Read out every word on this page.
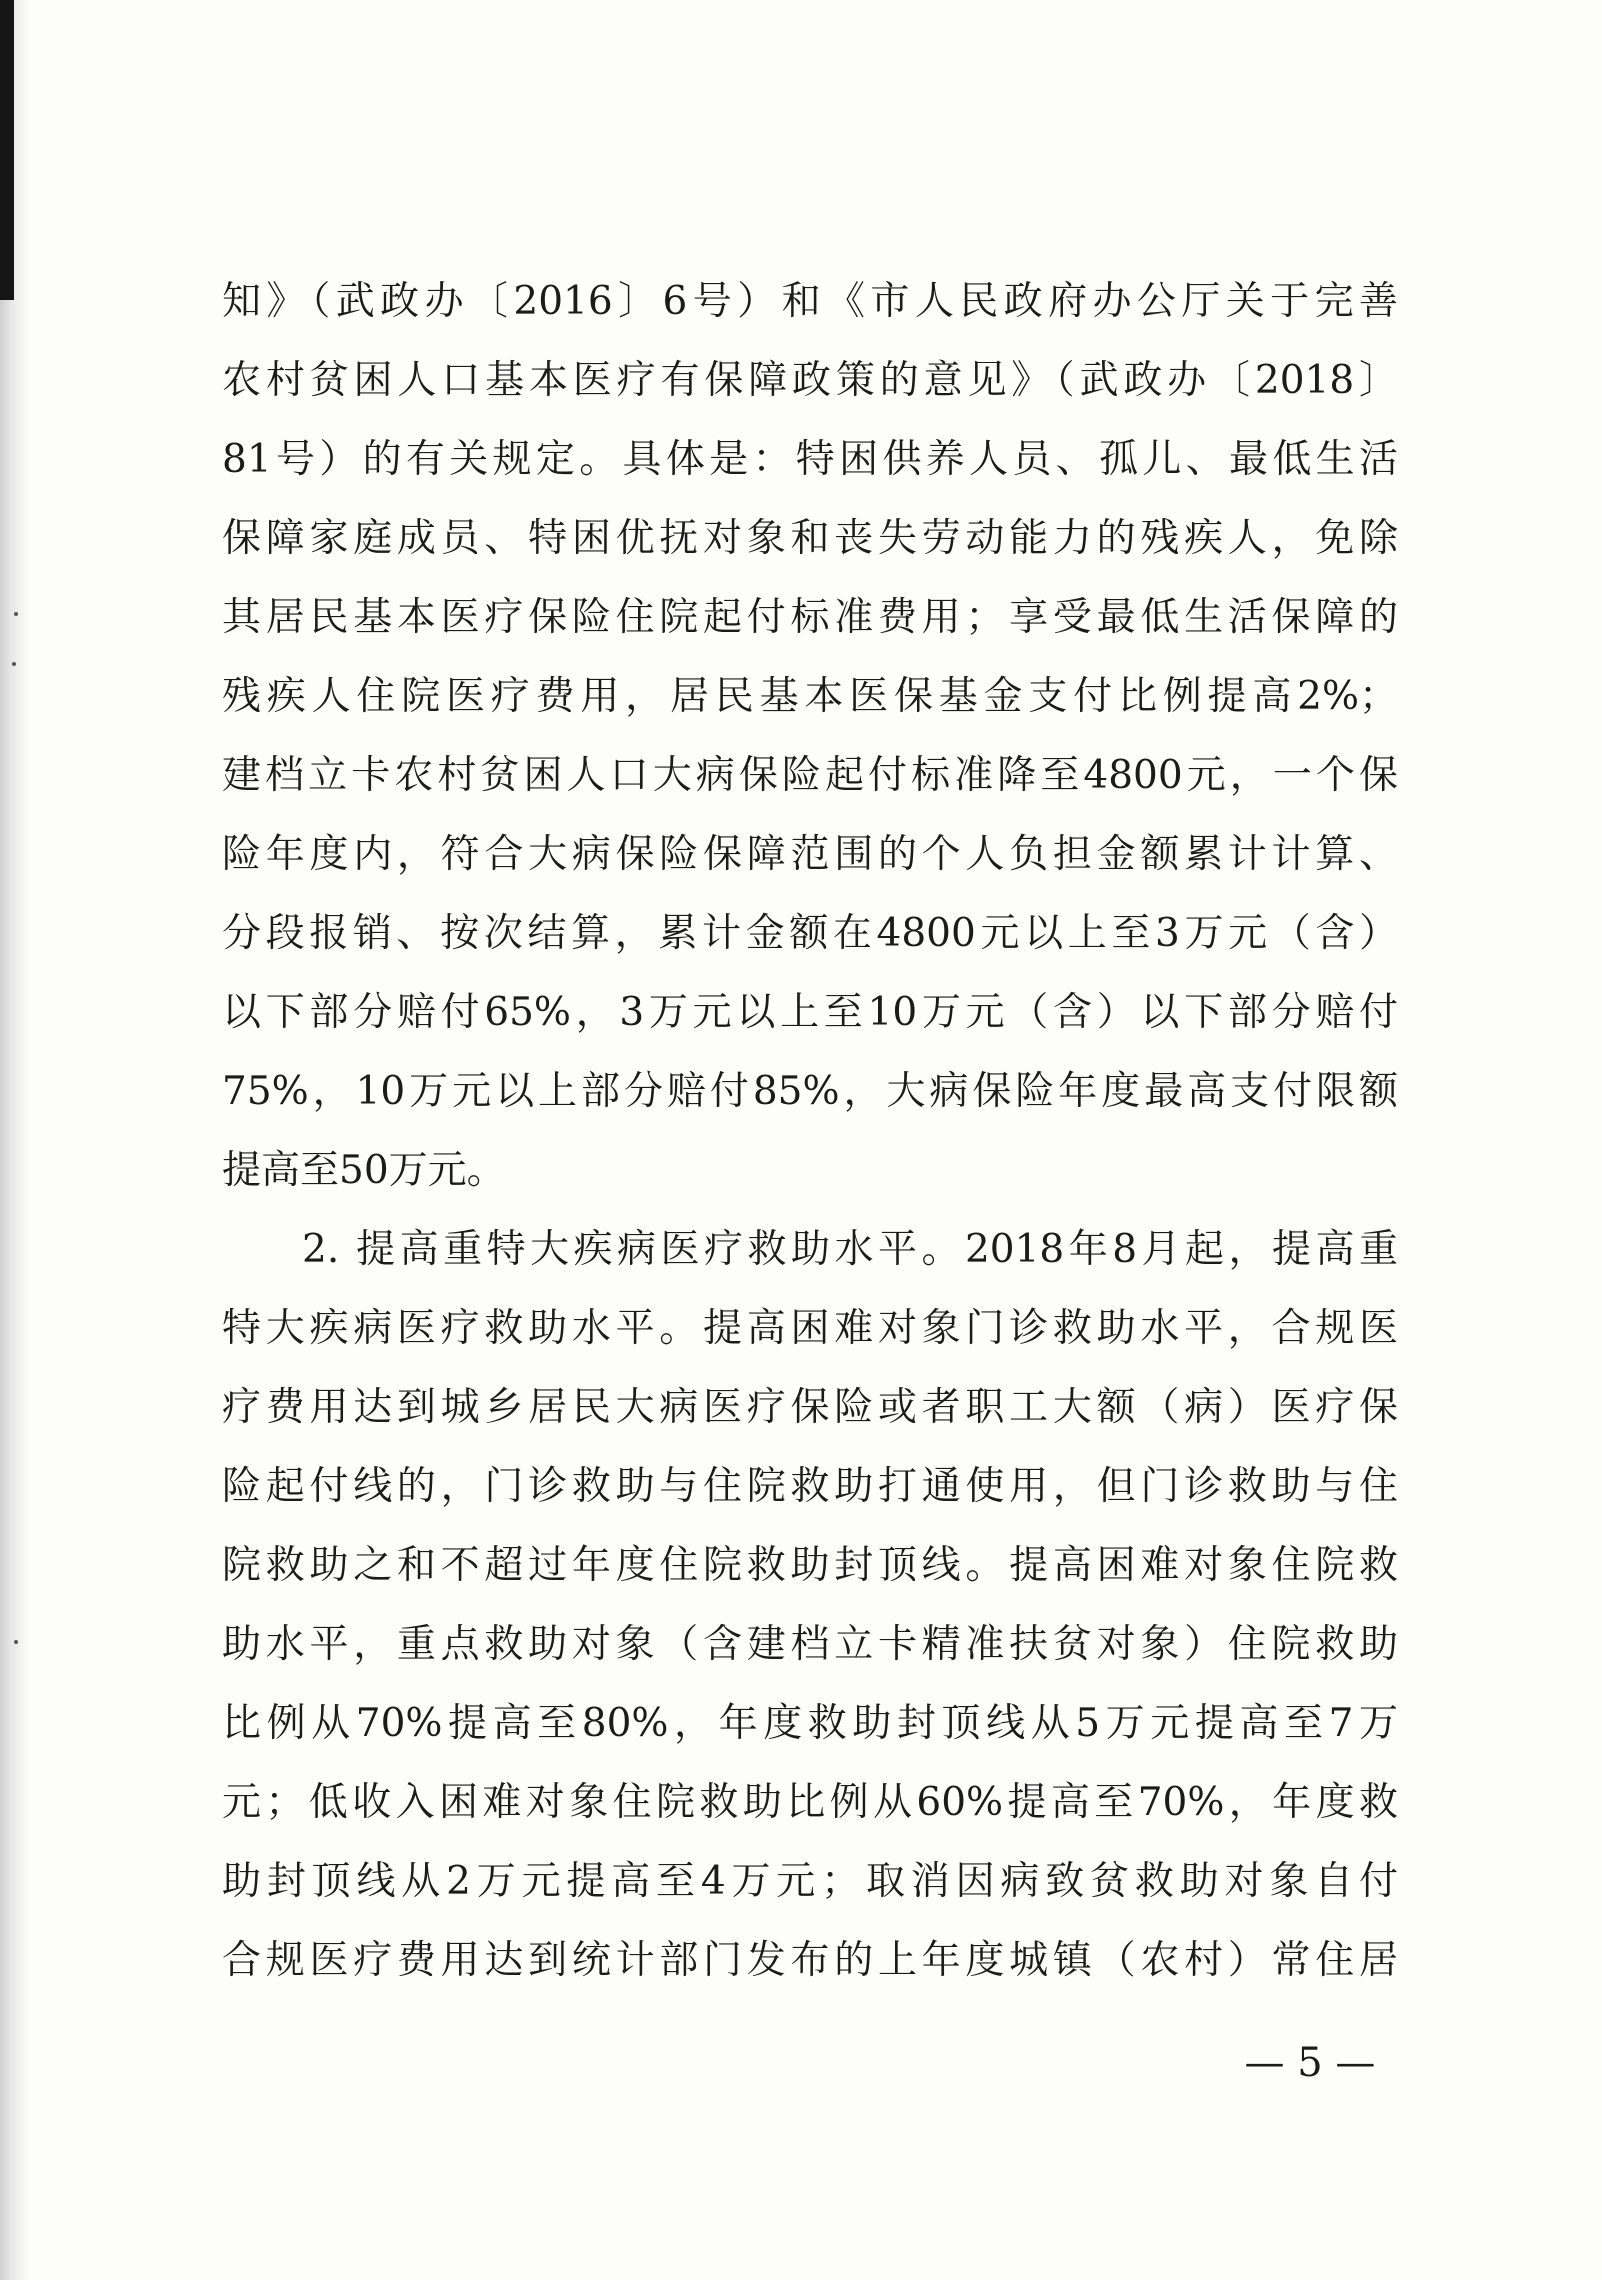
知》（武政办〔2016〕6号）和《市人民政府办公厅关于完善
农村贫困人口基本医疗有保障政策的意见》（武政办〔2018〕
81号）的有关规定。具体是：特困供养人员、孤儿、最低生活
保障家庭成员、特困优抚对象和丧失劳动能力的残疾人，免除
其居民基本医疗保险住院起付标准费用；享受最低生活保障的
残疾人住院医疗费用，居民基本医保基金支付比例提高2%；
建档立卡农村贫困人口大病保险起付标准降至4800元，一个保
险年度内，符合大病保险保障范围的个人负担金额累计计算、
分段报销、按次结算，累计金额在4800元以上至3万元（含）
以下部分赔付65%，3万元以上至10万元（含）以下部分赔付
75%，10万元以上部分赔付85%，大病保险年度最高支付限额
提高至50万元。
2. 提高重特大疾病医疗救助水平。2018年8月起，提高重
特大疾病医疗救助水平。提高困难对象门诊救助水平，合规医
疗费用达到城乡居民大病医疗保险或者职工大额（病）医疗保
险起付线的，门诊救助与住院救助打通使用，但门诊救助与住
院救助之和不超过年度住院救助封顶线。提高困难对象住院救
助水平，重点救助对象（含建档立卡精准扶贫对象）住院救助
比例从70%提高至80%，年度救助封顶线从5万元提高至7万
元；低收入困难对象住院救助比例从60%提高至70%，年度救
助封顶线从2万元提高至4万元；取消因病致贫救助对象自付
合规医疗费用达到统计部门发布的上年度城镇（农村）常住居
— 5 —
